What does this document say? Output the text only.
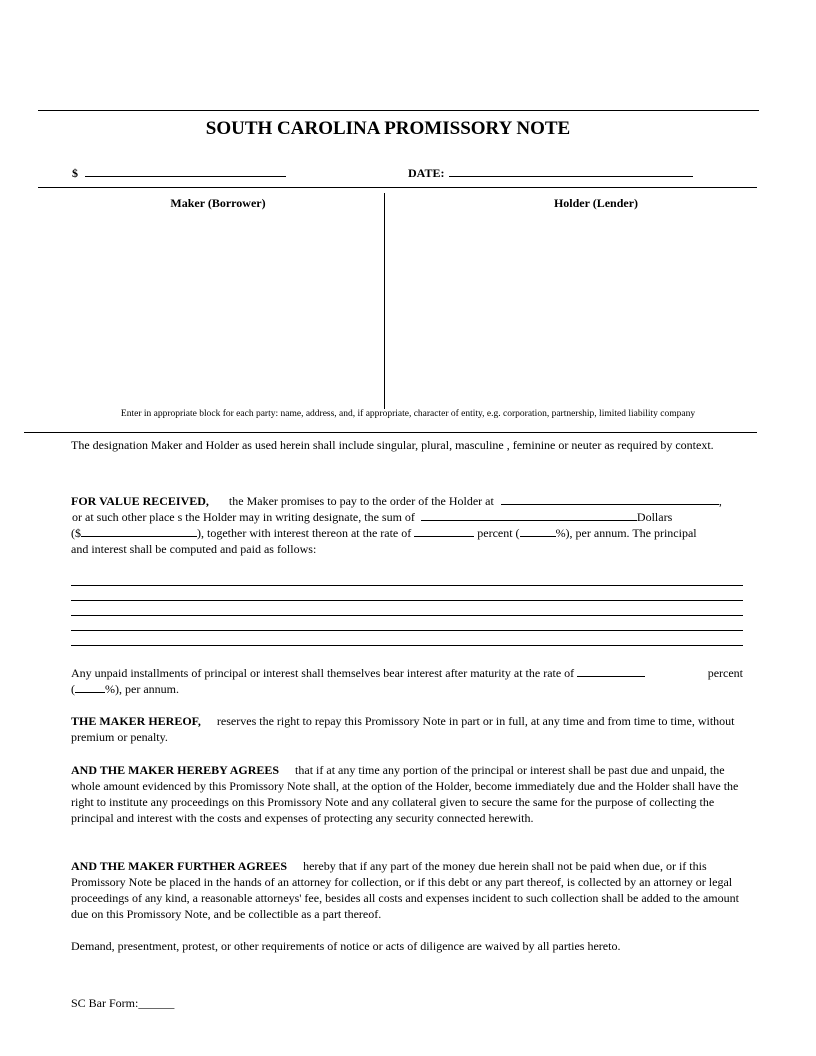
SOUTH CAROLINA PROMISSORY NOTE
$	DATE:
Maker (Borrower)	Holder (Lender)
Enter in appropriate block for each party: name, address, and, if appropriate, character of entity, e.g. corporation, partnership, limited liability company
The designation Maker and Holder as used herein shall include singular, plural, masculine , feminine or neuter as required by context.
FOR VALUE RECEIVED, the Maker promises to pay to the order of the Holder at	,
or at such other place s the Holder may in writing designate, the sum of	Dollars
($	), together with interest thereon at the rate of	percent (	%), per annum. The principal
and interest shall be computed and paid as follows:
Any unpaid installments of principal or interest shall themselves bear interest after maturity at the rate of	percent
(	%), per annum.
THE MAKER HEREOF, reserves the right to repay this Promissory Note in part or in full, at any time and from time to time, without premium or penalty.
AND THE MAKER HEREBY AGREES that if at any time any portion of the principal or interest shall be past due and unpaid, the whole amount evidenced by this Promissory Note shall, at the option of the Holder, become immediately due and the Holder shall have the right to institute any proceedings on this Promissory Note and any collateral given to secure the same for the purpose of collecting the principal and interest with the costs and expenses of protecting any security connected herewith.
AND THE MAKER FURTHER AGREES hereby that if any part of the money due herein shall not be paid when due, or if this Promissory Note be placed in the hands of an attorney for collection, or if this debt or any part thereof, is collected by an attorney or legal proceedings of any kind, a reasonable attorneys' fee, besides all costs and expenses incident to such collection shall be added to the amount due on this Promissory Note, and be collectible as a part thereof.
Demand, presentment, protest, or other requirements of notice or acts of diligence are waived by all parties hereto.
SC Bar Form:______
